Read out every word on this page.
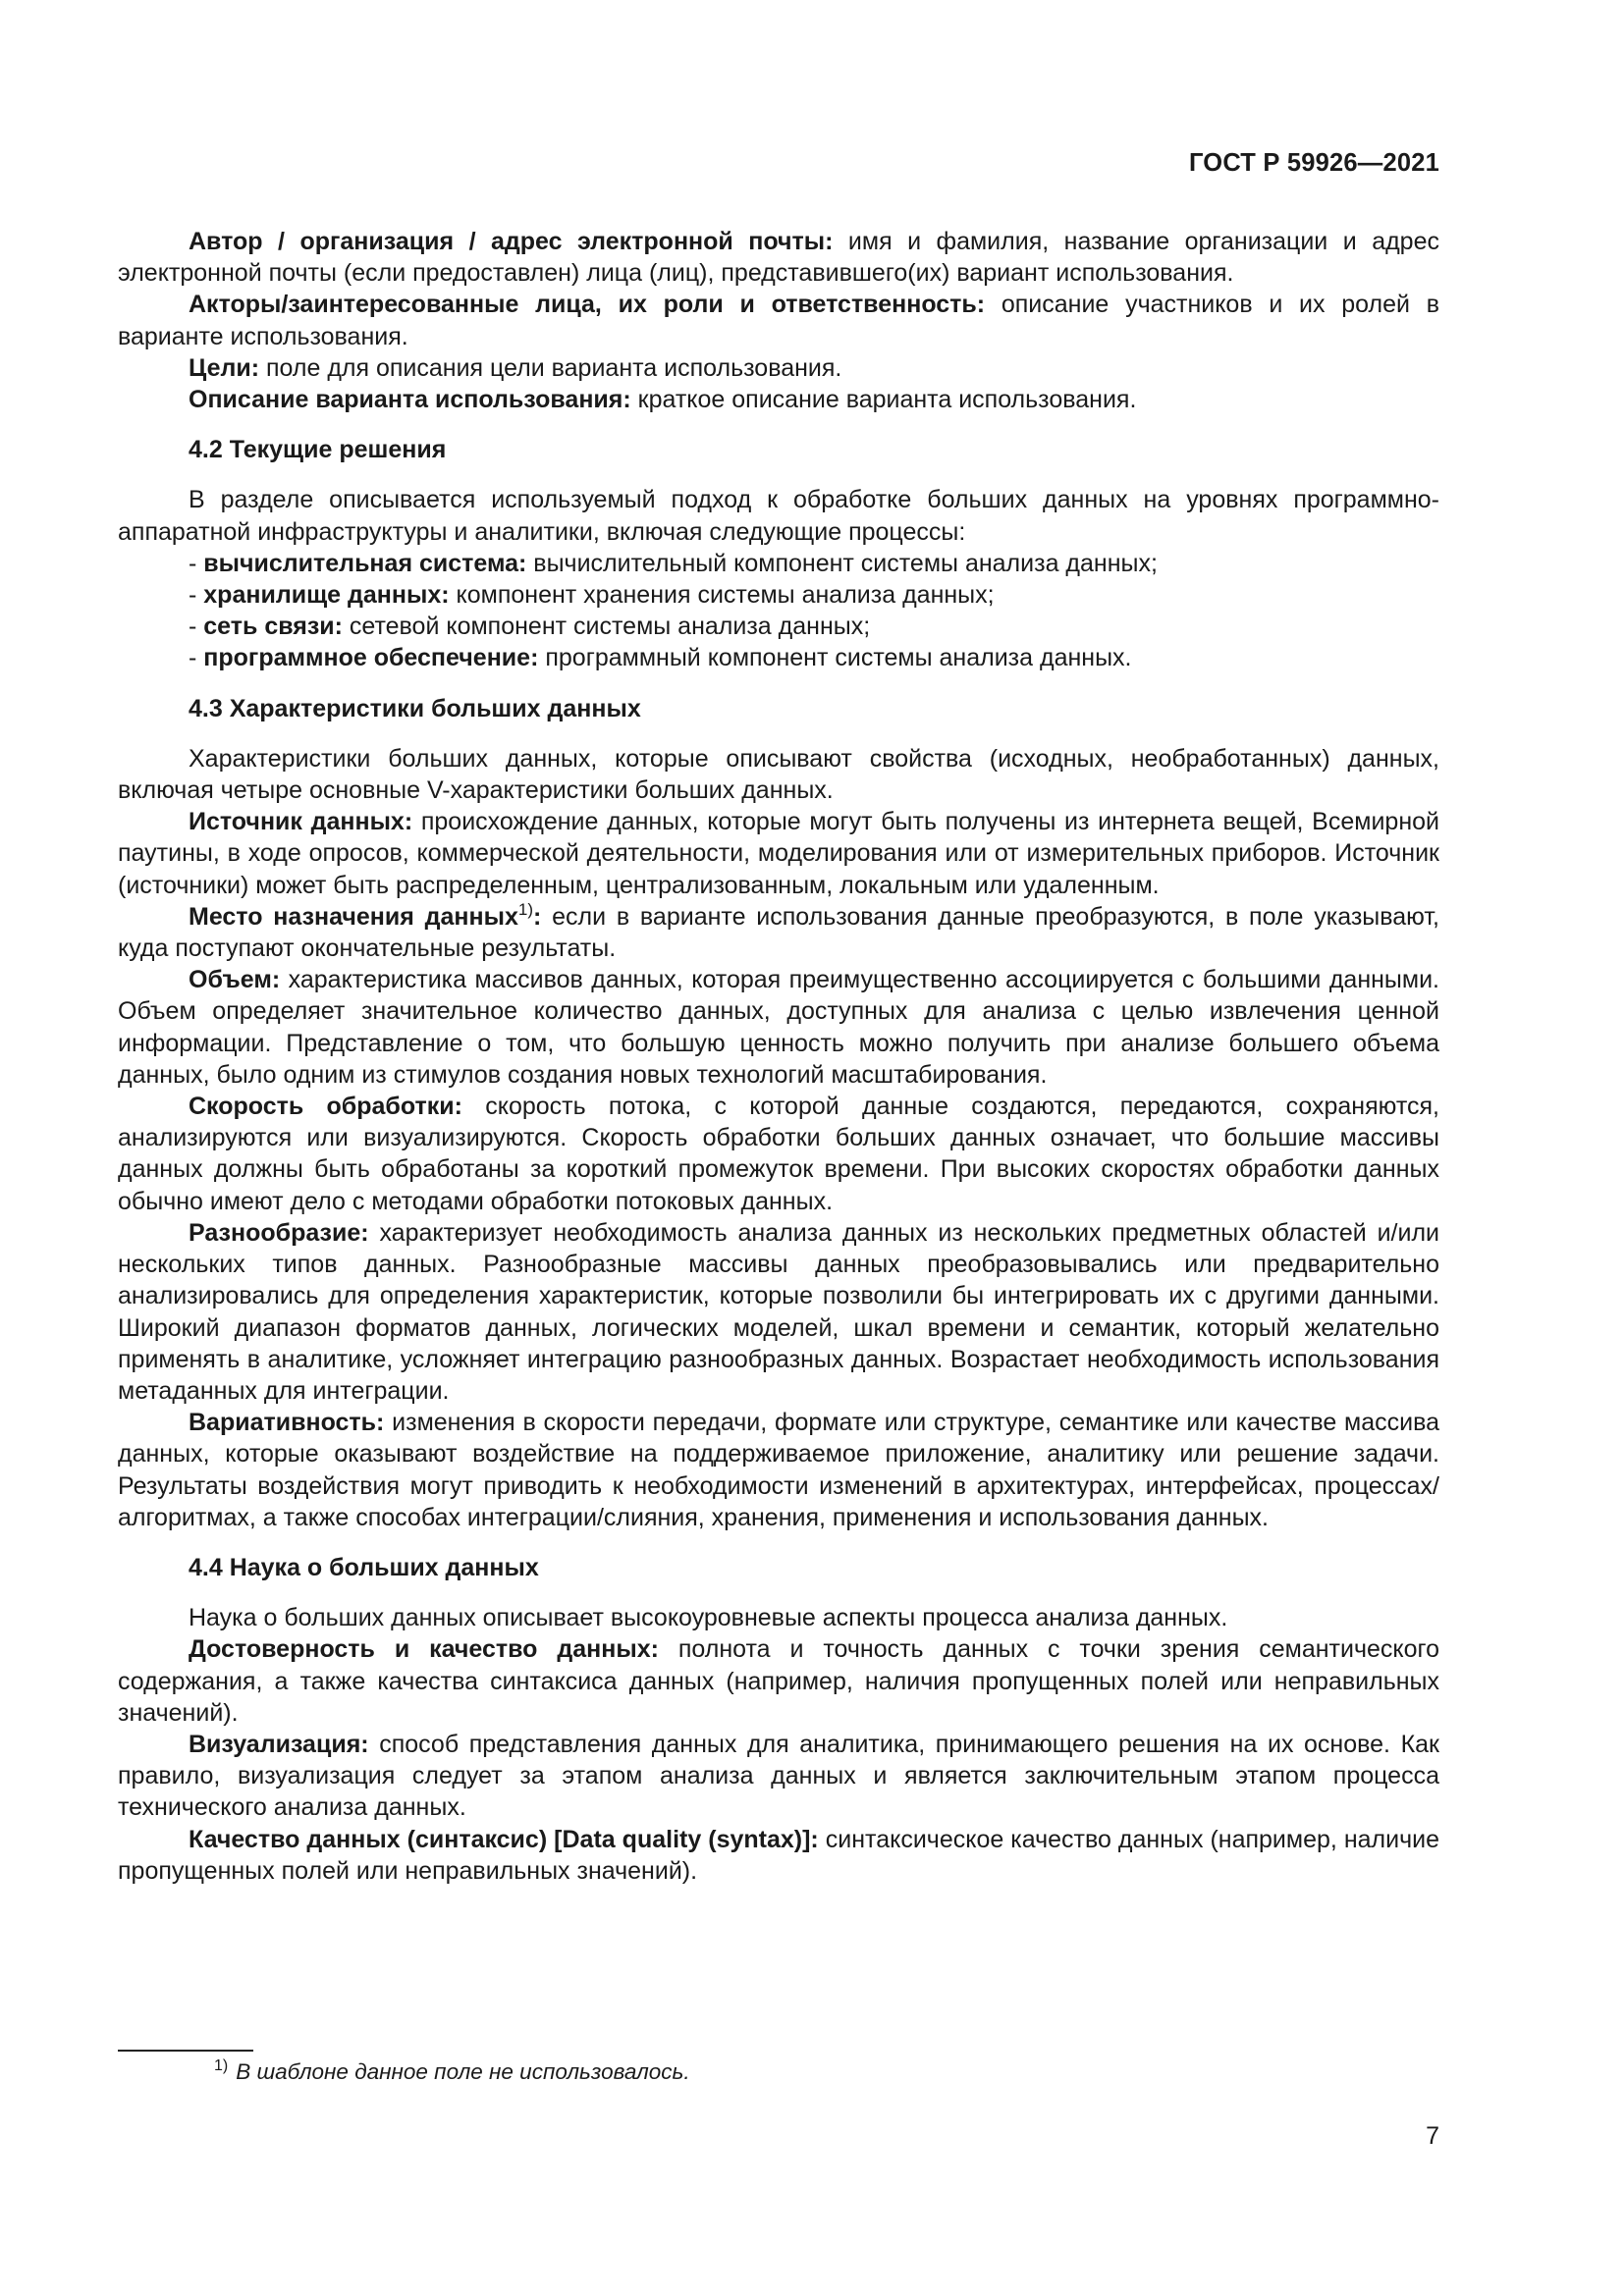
ГОСТ Р 59926—2021

Автор / организация / адрес электронной почты: имя и фамилия, название организации и адрес электронной почты (если предоставлен) лица (лиц), представившего(их) вариант использования.

Акторы/заинтересованные лица, их роли и ответственность: описание участников и их ролей в варианте использования.

Цели: поле для описания цели варианта использования.

Описание варианта использования: краткое описание варианта использования.

4.2 Текущие решения

В разделе описывается используемый подход к обработке больших данных на уровнях программно-аппаратной инфраструктуры и аналитики, включая следующие процессы:

- вычислительная система: вычислительный компонент системы анализа данных;

- хранилище данных: компонент хранения системы анализа данных;

- сеть связи: сетевой компонент системы анализа данных;

- программное обеспечение: программный компонент системы анализа данных.

4.3 Характеристики больших данных

Характеристики больших данных, которые описывают свойства (исходных, необработанных) данных, включая четыре основные V-характеристики больших данных.

Источник данных: происхождение данных, которые могут быть получены из интернета вещей, Всемирной паутины, в ходе опросов, коммерческой деятельности, моделирования или от измерительных приборов. Источник (источники) может быть распределенным, централизованным, локальным или удаленным.

Место назначения данных$^{1)}$: если в варианте использования данные преобразуются, в поле указывают, куда поступают окончательные результаты.

Объем: характеристика массивов данных, которая преимущественно ассоциируется с большими данными. Объем определяет значительное количество данных, доступных для анализа с целью извлечения ценной информации. Представление о том, что большую ценность можно получить при анализе большего объема данных, было одним из стимулов создания новых технологий масштабирования.

Скорость обработки: скорость потока, с которой данные создаются, передаются, сохраняются, анализируются или визуализируются. Скорость обработки больших данных означает, что большие массивы данных должны быть обработаны за короткий промежуток времени. При высоких скоростях обработки данных обычно имеют дело с методами обработки потоковых данных.

Разнообразие: характеризует необходимость анализа данных из нескольких предметных областей и/или нескольких типов данных. Разнообразные массивы данных преобразовывались или предварительно анализировались для определения характеристик, которые позволили бы интегрировать их с другими данными. Широкий диапазон форматов данных, логических моделей, шкал времени и семантик, который желательно применять в аналитике, усложняет интеграцию разнообразных данных. Возрастает необходимость использования метаданных для интеграции.

Вариативность: изменения в скорости передачи, формате или структуре, семантике или качестве массива данных, которые оказывают воздействие на поддерживаемое приложение, аналитику или решение задачи. Результаты воздействия могут приводить к необходимости изменений в архитектурах, интерфейсах, процессах/алгоритмах, а также способах интеграции/слияния, хранения, применения и использования данных.

4.4 Наука о больших данных

Наука о больших данных описывает высокоуровневые аспекты процесса анализа данных.

Достоверность и качество данных: полнота и точность данных с точки зрения семантического содержания, а также качества синтаксиса данных (например, наличия пропущенных полей или неправильных значений).

Визуализация: способ представления данных для аналитика, принимающего решения на их основе. Как правило, визуализация следует за этапом анализа данных и является заключительным этапом процесса технического анализа данных.

Качество данных (синтаксис) [Data quality (syntax)]: синтаксическое качество данных (например, наличие пропущенных полей или неправильных значений).

$^{1)}$ В шаблоне данное поле не использовалось.
7
